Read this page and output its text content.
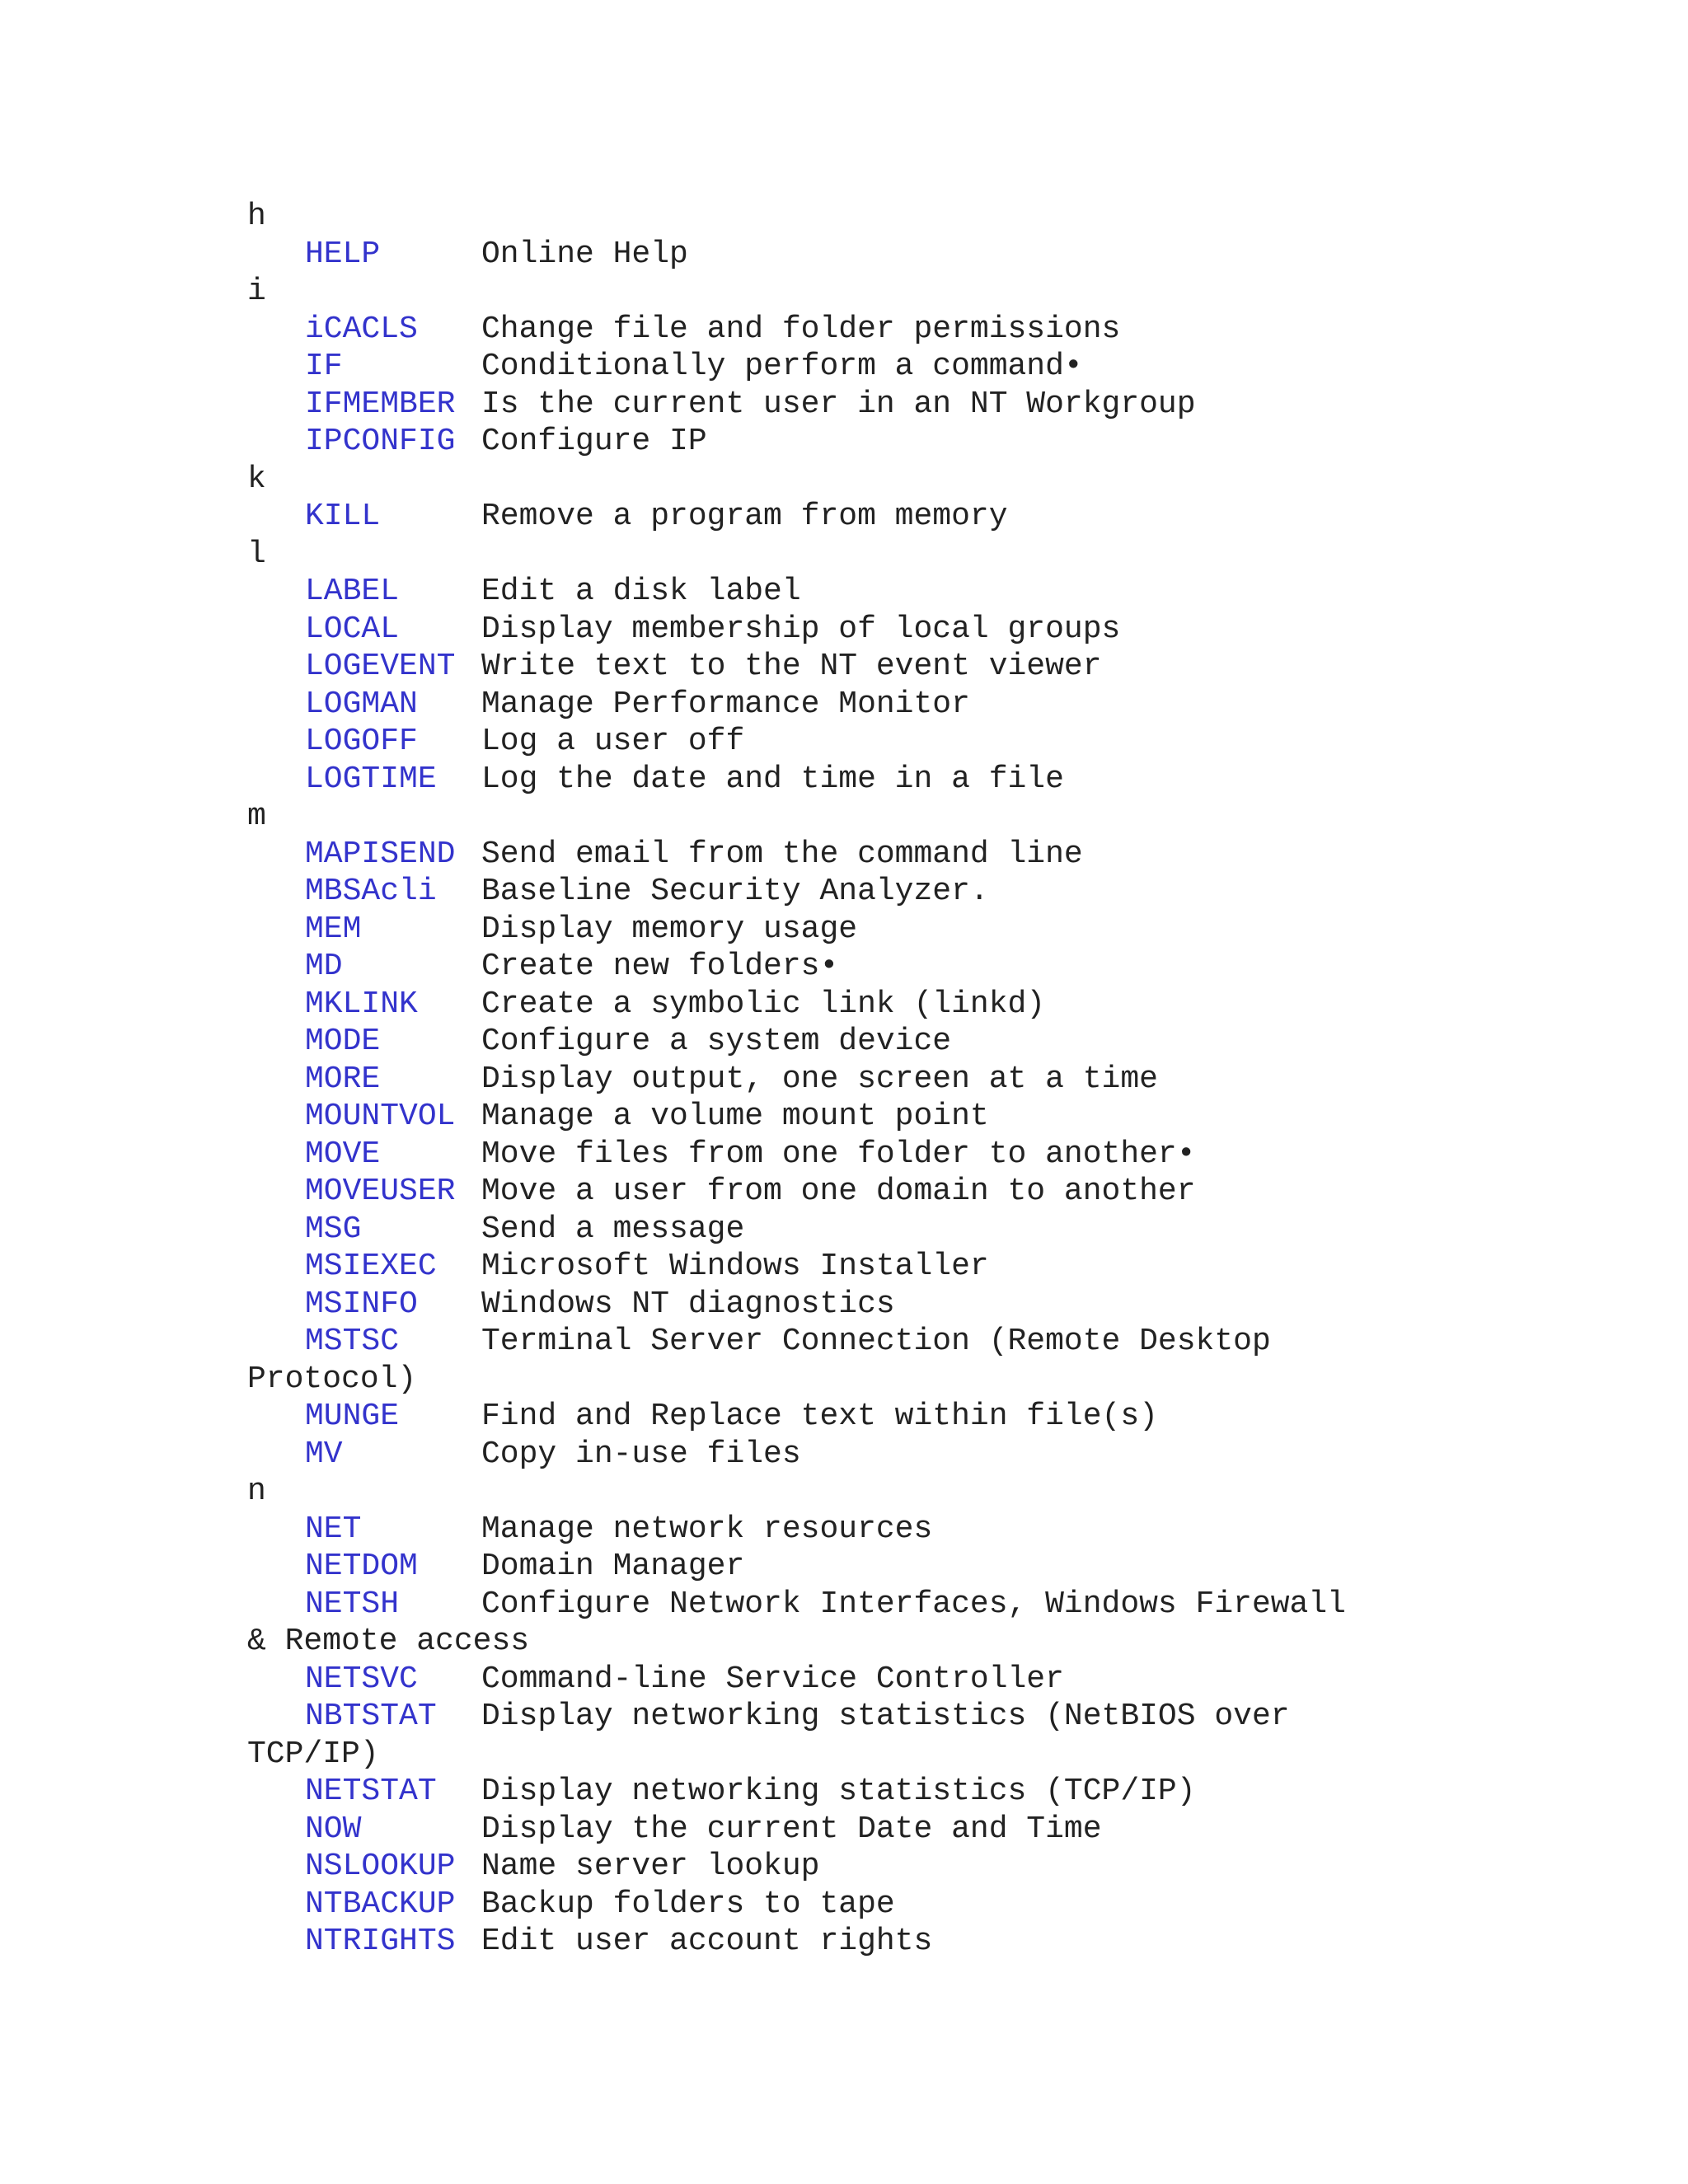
h
HELP	Online Help
i
iCACLS Change file and folder permissions
IF	Conditionally perform a command•
IFMEMBER Is the current user in an NT Workgroup
IPCONFIG Configure IP
k
KILL	Remove a program from memory
l
LABEL	Edit a disk label
LOCAL	Display membership of local groups
LOGEVENT Write text to the NT event viewer
LOGMAN Manage Performance Monitor
LOGOFF Log a user off
LOGTIME Log the date and time in a file
m
MAPISEND Send email from the command line
MBSAcli Baseline Security Analyzer.
MEM	Display memory usage
MD	Create new folders•
MKLINK Create a symbolic link (linkd)
MODE	Configure a system device
MORE	Display output, one screen at a time
MOUNTVOL Manage a volume mount point
MOVE	Move files from one folder to another•
MOVEUSER Move a user from one domain to another
MSG	Send a message
MSIEXEC Microsoft Windows Installer
MSINFO Windows NT diagnostics
MSTSC	Terminal Server Connection (Remote Desktop
Protocol)
MUNGE	Find and Replace text within file(s)
MV	Copy in-use files
n
NET	Manage network resources
NETDOM Domain Manager
NETSH	Configure Network Interfaces, Windows Firewall
& Remote access
NETSVC Command-line Service Controller
NBTSTAT Display networking statistics (NetBIOS over
TCP/IP)
NETSTAT Display networking statistics (TCP/IP)
NOW	Display the current Date and Time
NSLOOKUP Name server lookup
NTBACKUP Backup folders to tape
NTRIGHTS Edit user account rights
